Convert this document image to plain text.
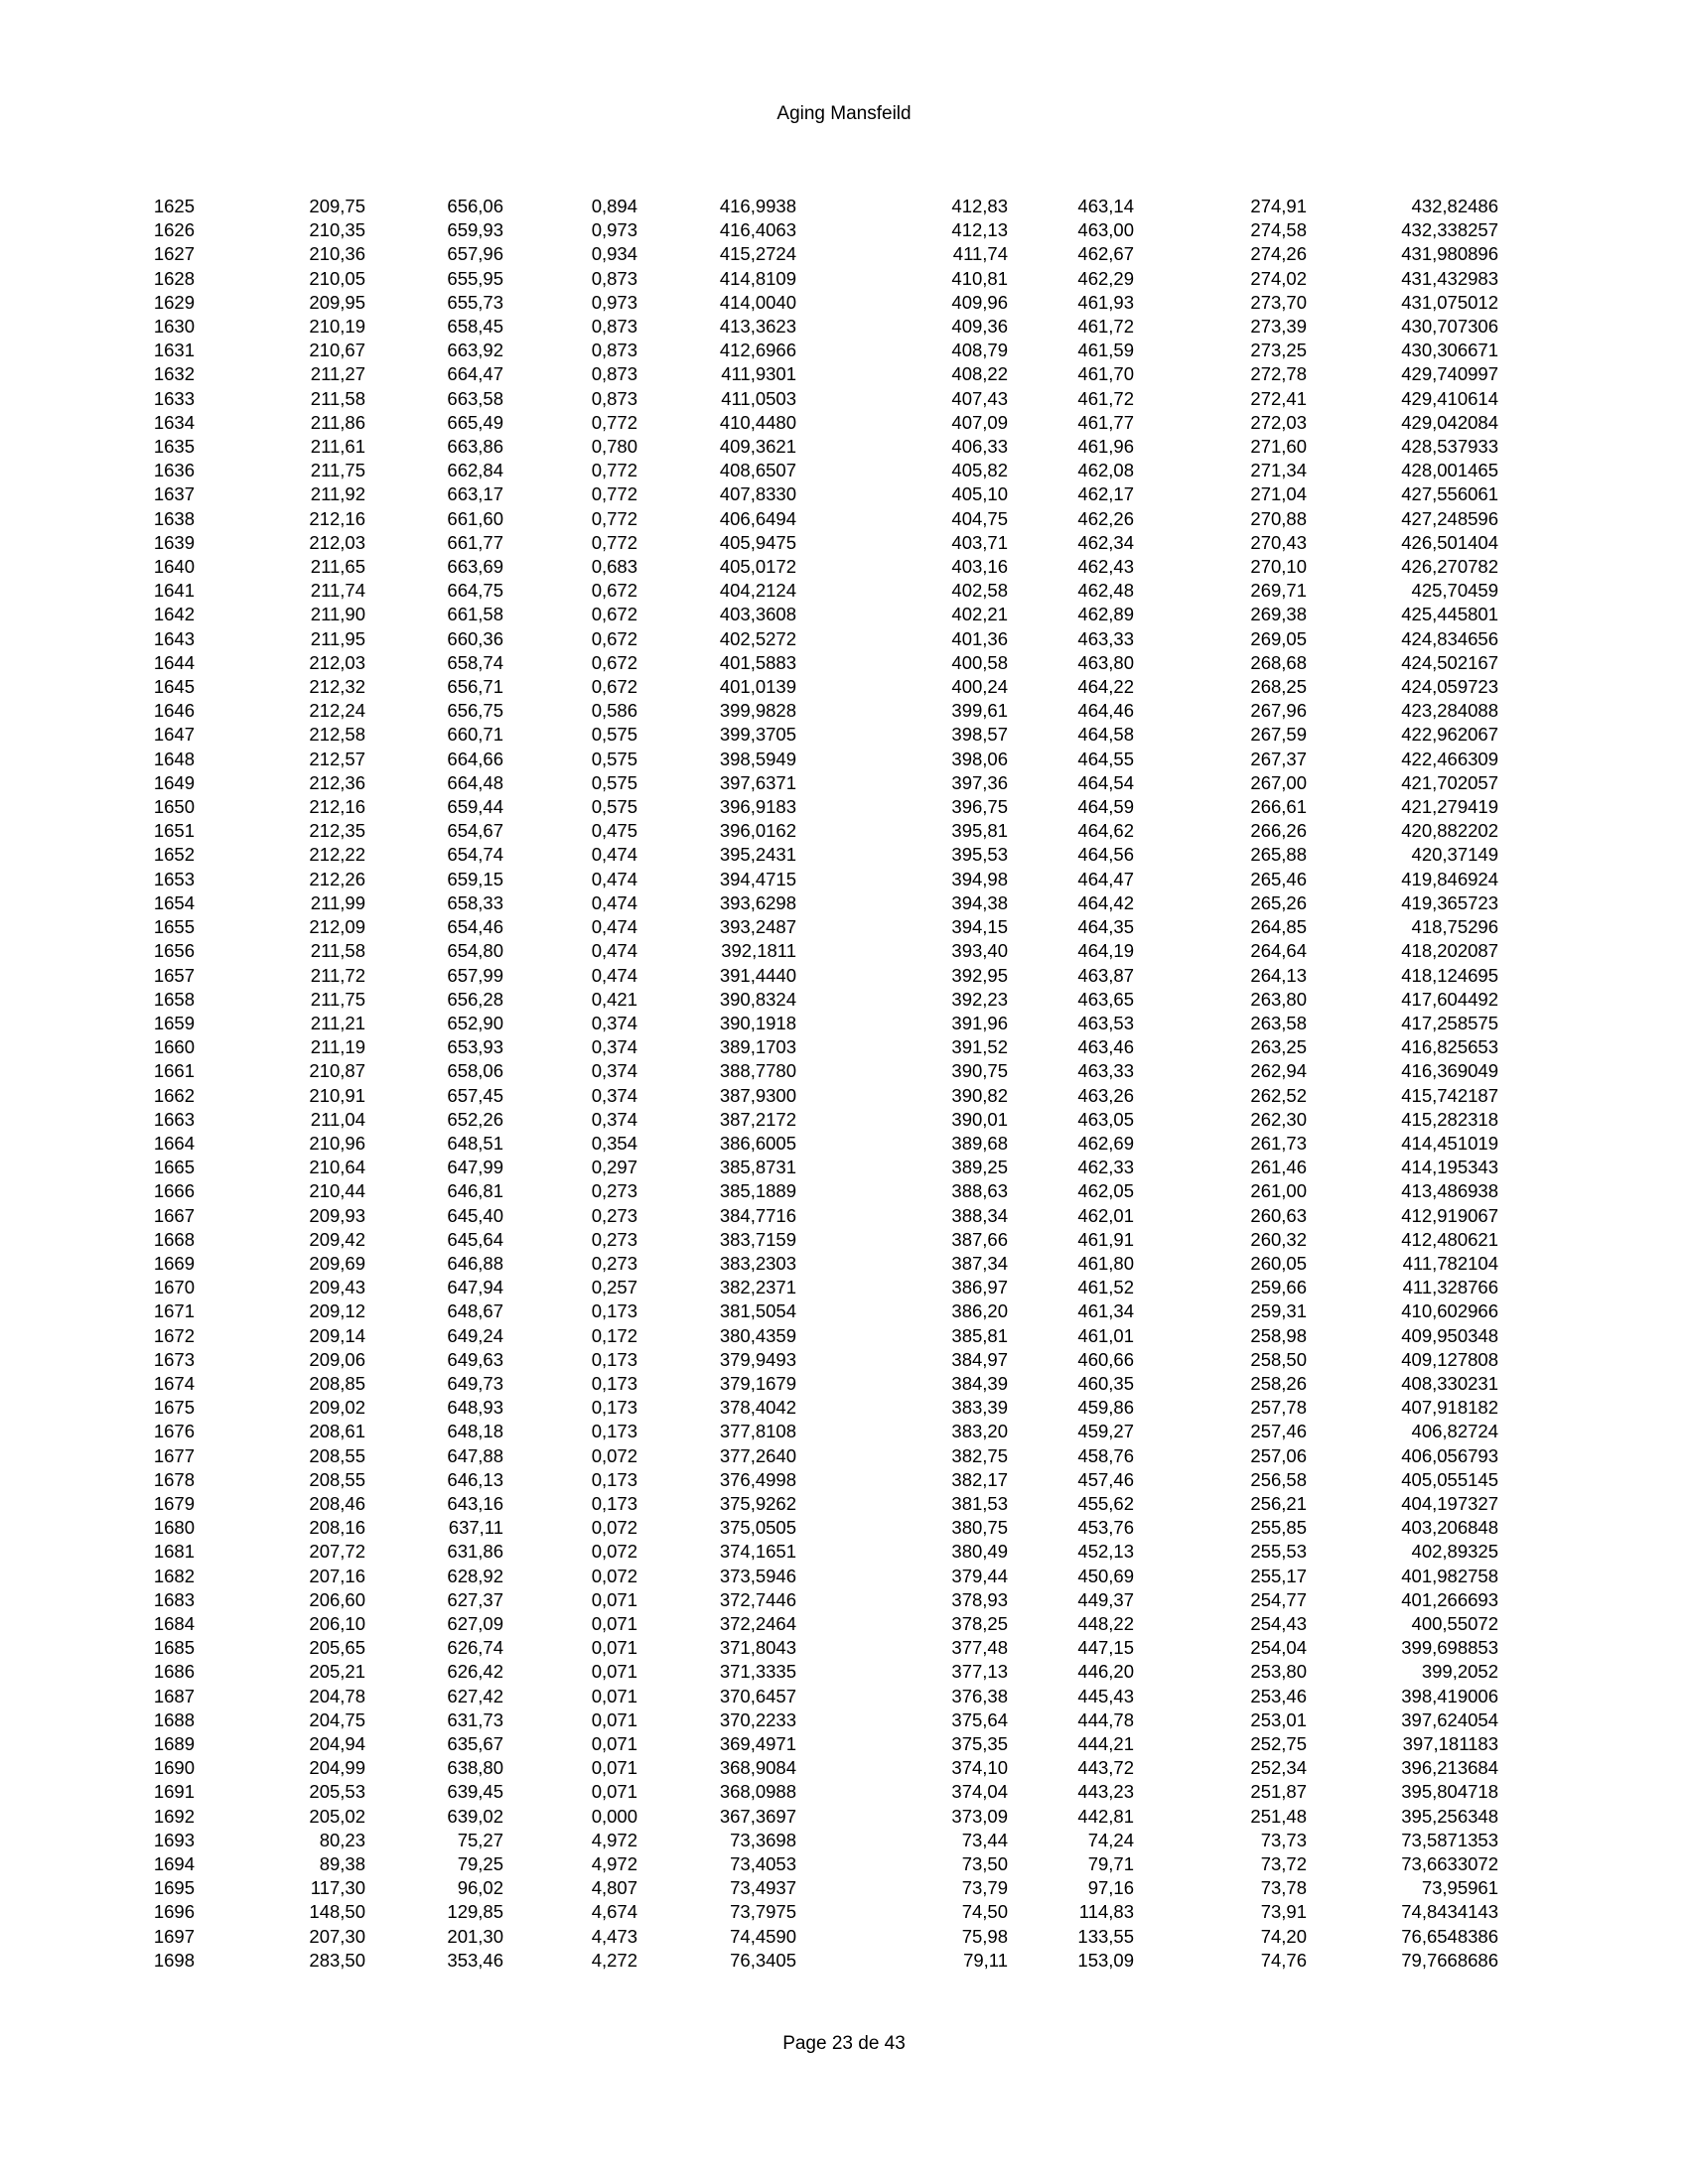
Aging Mansfeild
1625	209,75	656,06	0,894	416,9938	412,83	463,14	274,91	432,82486	
1626	210,35	659,93	0,973	416,4063	412,13	463,00	274,58	432,338257	
1627	210,36	657,96	0,934	415,2724	411,74	462,67	274,26	431,980896	
1628	210,05	655,95	0,873	414,8109	410,81	462,29	274,02	431,432983	
1629	209,95	655,73	0,973	414,0040	409,96	461,93	273,70	431,075012	
1630	210,19	658,45	0,873	413,3623	409,36	461,72	273,39	430,707306	
1631	210,67	663,92	0,873	412,6966	408,79	461,59	273,25	430,306671	
1632	211,27	664,47	0,873	411,9301	408,22	461,70	272,78	429,740997	
1633	211,58	663,58	0,873	411,0503	407,43	461,72	272,41	429,410614	
1634	211,86	665,49	0,772	410,4480	407,09	461,77	272,03	429,042084	
1635	211,61	663,86	0,780	409,3621	406,33	461,96	271,60	428,537933	
1636	211,75	662,84	0,772	408,6507	405,82	462,08	271,34	428,001465	
1637	211,92	663,17	0,772	407,8330	405,10	462,17	271,04	427,556061	
1638	212,16	661,60	0,772	406,6494	404,75	462,26	270,88	427,248596	
1639	212,03	661,77	0,772	405,9475	403,71	462,34	270,43	426,501404	
1640	211,65	663,69	0,683	405,0172	403,16	462,43	270,10	426,270782	
1641	211,74	664,75	0,672	404,2124	402,58	462,48	269,71	425,70459	
1642	211,90	661,58	0,672	403,3608	402,21	462,89	269,38	425,445801	
1643	211,95	660,36	0,672	402,5272	401,36	463,33	269,05	424,834656	
1644	212,03	658,74	0,672	401,5883	400,58	463,80	268,68	424,502167	
1645	212,32	656,71	0,672	401,0139	400,24	464,22	268,25	424,059723	
1646	212,24	656,75	0,586	399,9828	399,61	464,46	267,96	423,284088	
1647	212,58	660,71	0,575	399,3705	398,57	464,58	267,59	422,962067	
1648	212,57	664,66	0,575	398,5949	398,06	464,55	267,37	422,466309	
1649	212,36	664,48	0,575	397,6371	397,36	464,54	267,00	421,702057	
1650	212,16	659,44	0,575	396,9183	396,75	464,59	266,61	421,279419	
1651	212,35	654,67	0,475	396,0162	395,81	464,62	266,26	420,882202	
1652	212,22	654,74	0,474	395,2431	395,53	464,56	265,88	420,37149	
1653	212,26	659,15	0,474	394,4715	394,98	464,47	265,46	419,846924	
1654	211,99	658,33	0,474	393,6298	394,38	464,42	265,26	419,365723	
1655	212,09	654,46	0,474	393,2487	394,15	464,35	264,85	418,75296	
1656	211,58	654,80	0,474	392,1811	393,40	464,19	264,64	418,202087	
1657	211,72	657,99	0,474	391,4440	392,95	463,87	264,13	418,124695	
1658	211,75	656,28	0,421	390,8324	392,23	463,65	263,80	417,604492	
1659	211,21	652,90	0,374	390,1918	391,96	463,53	263,58	417,258575	
1660	211,19	653,93	0,374	389,1703	391,52	463,46	263,25	416,825653	
1661	210,87	658,06	0,374	388,7780	390,75	463,33	262,94	416,369049	
1662	210,91	657,45	0,374	387,9300	390,82	463,26	262,52	415,742187	
1663	211,04	652,26	0,374	387,2172	390,01	463,05	262,30	415,282318	
1664	210,96	648,51	0,354	386,6005	389,68	462,69	261,73	414,451019	
1665	210,64	647,99	0,297	385,8731	389,25	462,33	261,46	414,195343	
1666	210,44	646,81	0,273	385,1889	388,63	462,05	261,00	413,486938	
1667	209,93	645,40	0,273	384,7716	388,34	462,01	260,63	412,919067	
1668	209,42	645,64	0,273	383,7159	387,66	461,91	260,32	412,480621	
1669	209,69	646,88	0,273	383,2303	387,34	461,80	260,05	411,782104	
1670	209,43	647,94	0,257	382,2371	386,97	461,52	259,66	411,328766	
1671	209,12	648,67	0,173	381,5054	386,20	461,34	259,31	410,602966	
1672	209,14	649,24	0,172	380,4359	385,81	461,01	258,98	409,950348	
1673	209,06	649,63	0,173	379,9493	384,97	460,66	258,50	409,127808	
1674	208,85	649,73	0,173	379,1679	384,39	460,35	258,26	408,330231	
1675	209,02	648,93	0,173	378,4042	383,39	459,86	257,78	407,918182	
1676	208,61	648,18	0,173	377,8108	383,20	459,27	257,46	406,82724	
1677	208,55	647,88	0,072	377,2640	382,75	458,76	257,06	406,056793	
1678	208,55	646,13	0,173	376,4998	382,17	457,46	256,58	405,055145	
1679	208,46	643,16	0,173	375,9262	381,53	455,62	256,21	404,197327	
1680	208,16	637,11	0,072	375,0505	380,75	453,76	255,85	403,206848	
1681	207,72	631,86	0,072	374,1651	380,49	452,13	255,53	402,89325	
1682	207,16	628,92	0,072	373,5946	379,44	450,69	255,17	401,982758	
1683	206,60	627,37	0,071	372,7446	378,93	449,37	254,77	401,266693	
1684	206,10	627,09	0,071	372,2464	378,25	448,22	254,43	400,55072	
1685	205,65	626,74	0,071	371,8043	377,48	447,15	254,04	399,698853	
1686	205,21	626,42	0,071	371,3335	377,13	446,20	253,80	399,2052	
1687	204,78	627,42	0,071	370,6457	376,38	445,43	253,46	398,419006	
1688	204,75	631,73	0,071	370,2233	375,64	444,78	253,01	397,624054	
1689	204,94	635,67	0,071	369,4971	375,35	444,21	252,75	397,181183	
1690	204,99	638,80	0,071	368,9084	374,10	443,72	252,34	396,213684	
1691	205,53	639,45	0,071	368,0988	374,04	443,23	251,87	395,804718	
1692	205,02	639,02	0,000	367,3697	373,09	442,81	251,48	395,256348	
1693	80,23	75,27	4,972	73,3698	73,44	74,24	73,73	73,5871353	
1694	89,38	79,25	4,972	73,4053	73,50	79,71	73,72	73,6633072	
1695	117,30	96,02	4,807	73,4937	73,79	97,16	73,78	73,95961	
1696	148,50	129,85	4,674	73,7975	74,50	114,83	73,91	74,8434143	
1697	207,30	201,30	4,473	74,4590	75,98	133,55	74,20	76,6548386	
1698	283,50	353,46	4,272	76,3405	79,11	153,09	74,76	79,7668686	
Page 23 de 43
